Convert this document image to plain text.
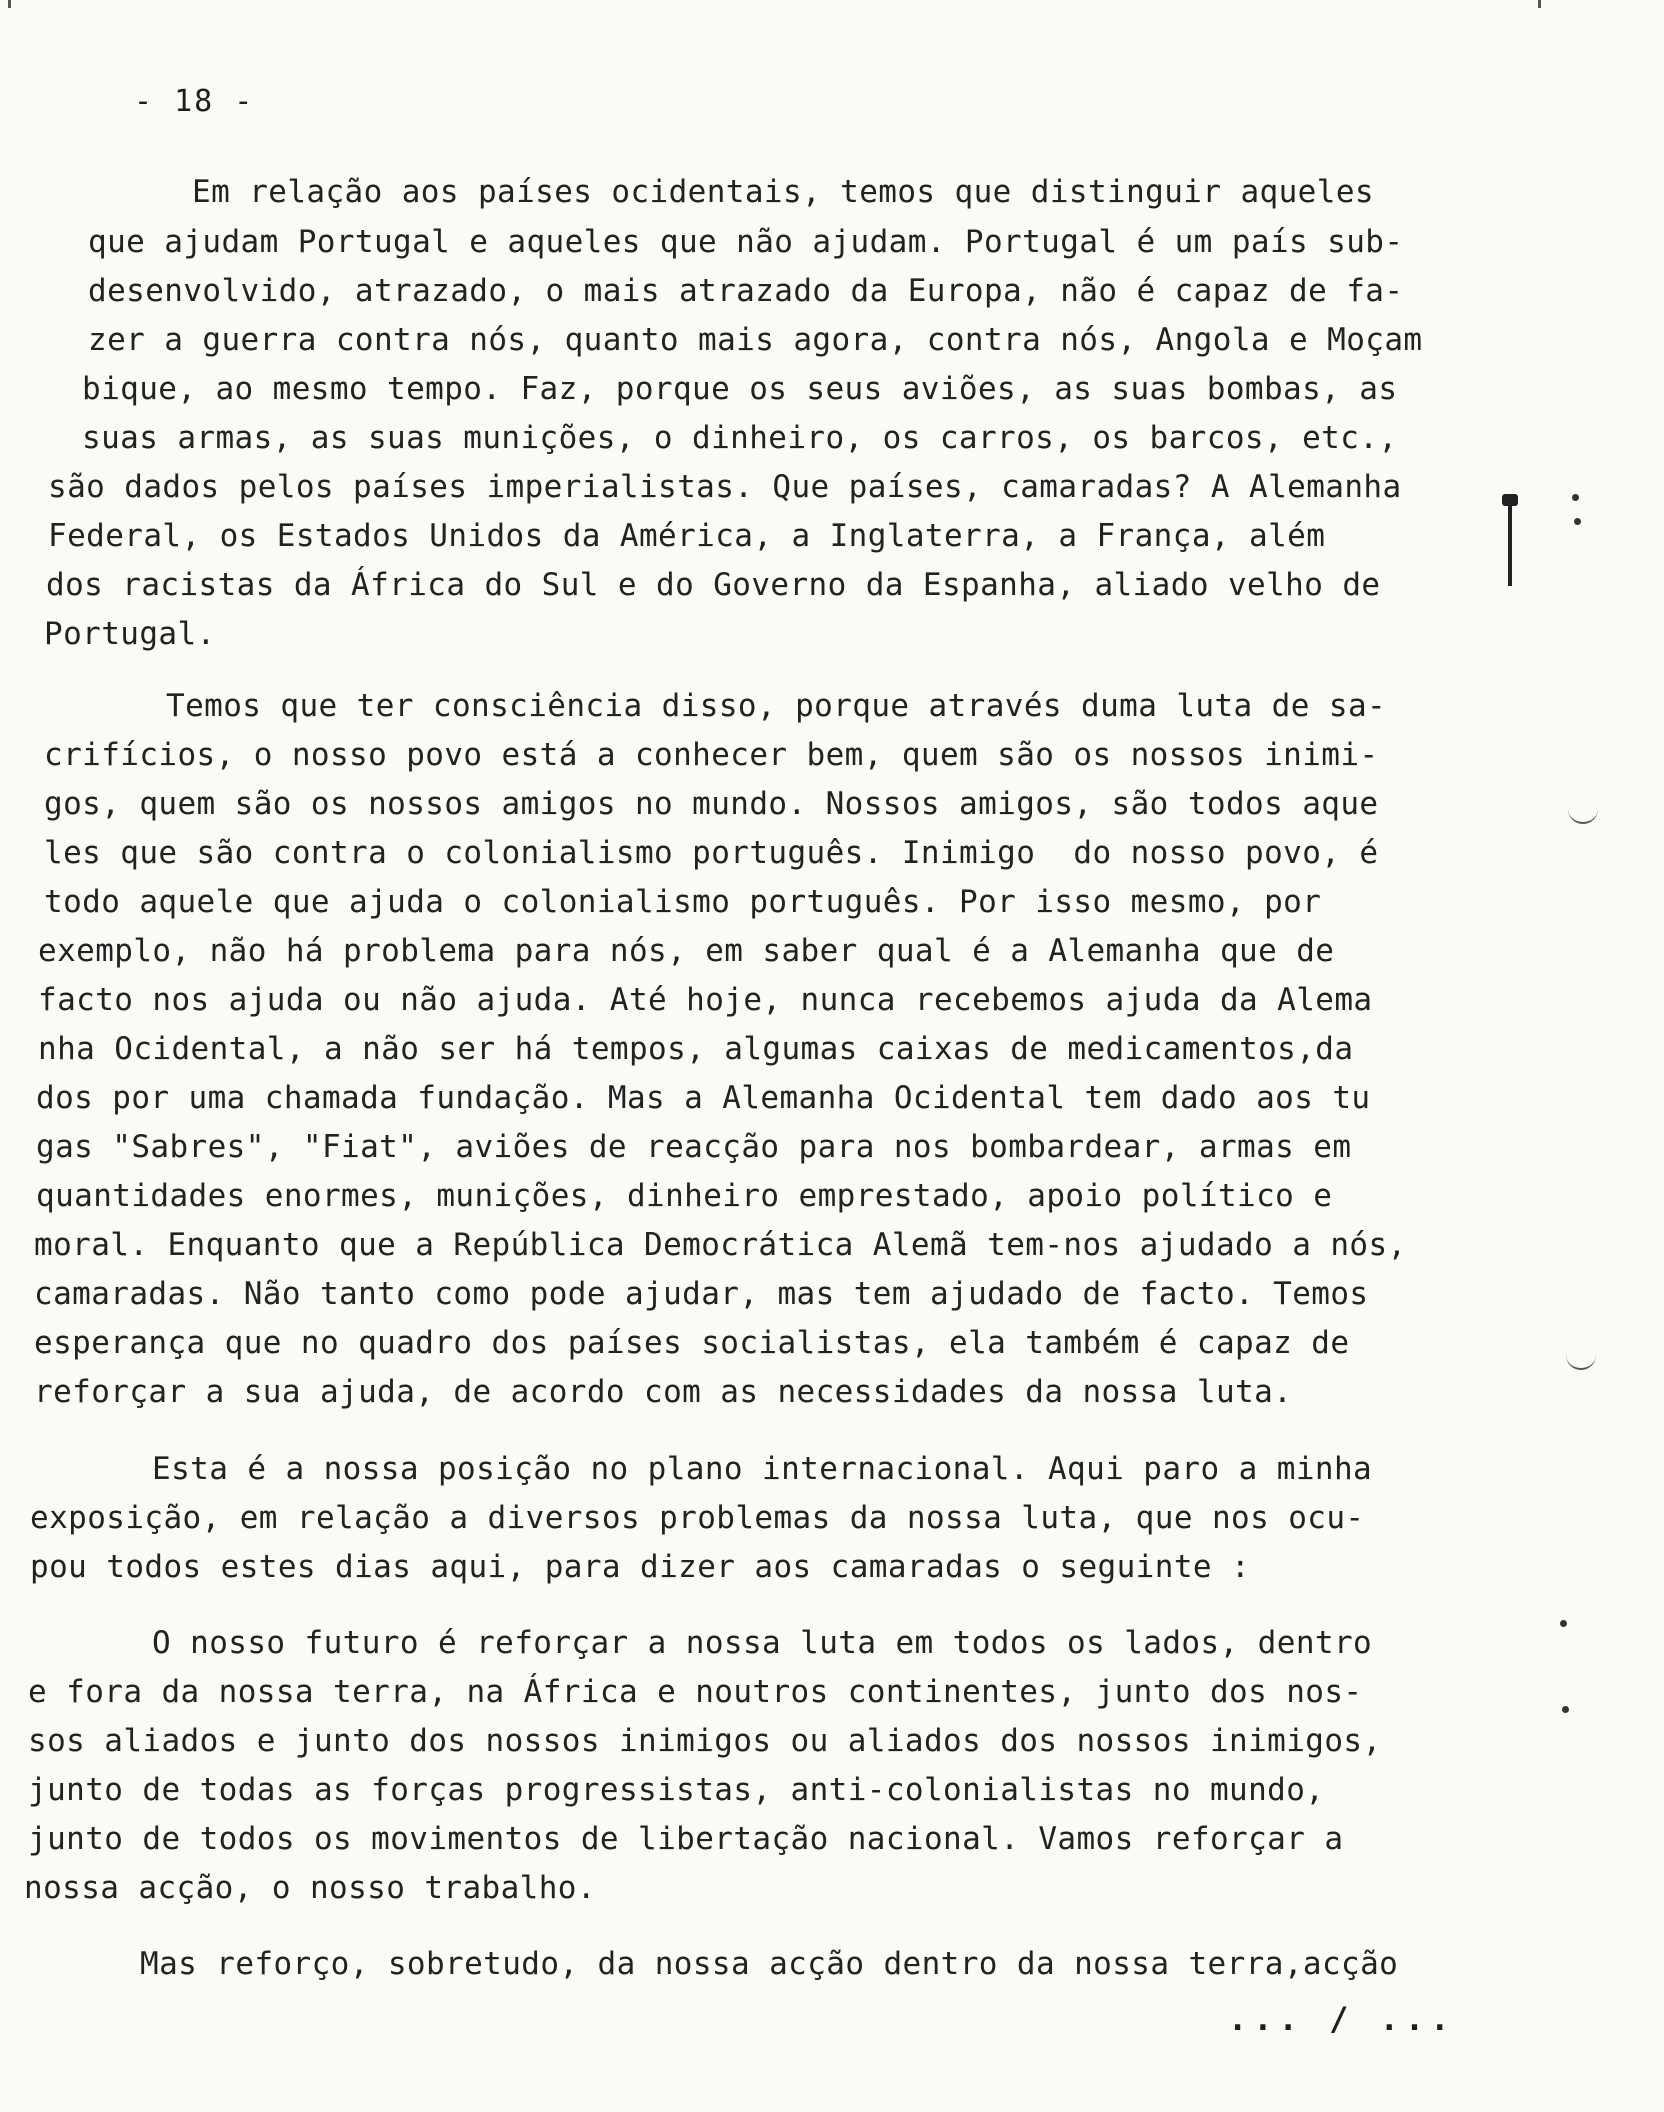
- 18 -
Em relação aos países ocidentais, temos que distinguir aqueles
que ajudam Portugal e aqueles que não ajudam. Portugal é um país sub-
desenvolvido, atrazado, o mais atrazado da Europa, não é capaz de fa-
zer a guerra contra nós, quanto mais agora, contra nós, Angola e Moçam
bique, ao mesmo tempo. Faz, porque os seus aviões, as suas bombas, as
suas armas, as suas munições, o dinheiro, os carros, os barcos, etc.,
são dados pelos países imperialistas. Que países, camaradas? A Alemanha
Federal, os Estados Unidos da América, a Inglaterra, a França, além
dos racistas da África do Sul e do Governo da Espanha, aliado velho de
Portugal.
Temos que ter consciência disso, porque através duma luta de sa-
crifícios, o nosso povo está a conhecer bem, quem são os nossos inimi-
gos, quem são os nossos amigos no mundo. Nossos amigos, são todos aque
les que são contra o colonialismo português. Inimigo  do nosso povo, é
todo aquele que ajuda o colonialismo português. Por isso mesmo, por
exemplo, não há problema para nós, em saber qual é a Alemanha que de
facto nos ajuda ou não ajuda. Até hoje, nunca recebemos ajuda da Alema
nha Ocidental, a não ser há tempos, algumas caixas de medicamentos,da
dos por uma chamada fundação. Mas a Alemanha Ocidental tem dado aos tu
gas "Sabres", "Fiat", aviões de reacção para nos bombardear, armas em
quantidades enormes, munições, dinheiro emprestado, apoio político e
moral. Enquanto que a República Democrática Alemã tem-nos ajudado a nós,
camaradas. Não tanto como pode ajudar, mas tem ajudado de facto. Temos
esperança que no quadro dos países socialistas, ela também é capaz de
reforçar a sua ajuda, de acordo com as necessidades da nossa luta.
Esta é a nossa posição no plano internacional. Aqui paro a minha
exposição, em relação a diversos problemas da nossa luta, que nos ocu-
pou todos estes dias aqui, para dizer aos camaradas o seguinte :
O nosso futuro é reforçar a nossa luta em todos os lados, dentro
e fora da nossa terra, na África e noutros continentes, junto dos nos-
sos aliados e junto dos nossos inimigos ou aliados dos nossos inimigos,
junto de todas as forças progressistas, anti-colonialistas no mundo,
junto de todos os movimentos de libertação nacional. Vamos reforçar a
nossa acção, o nosso trabalho.
Mas reforço, sobretudo, da nossa acção dentro da nossa terra,acção
... / ...
